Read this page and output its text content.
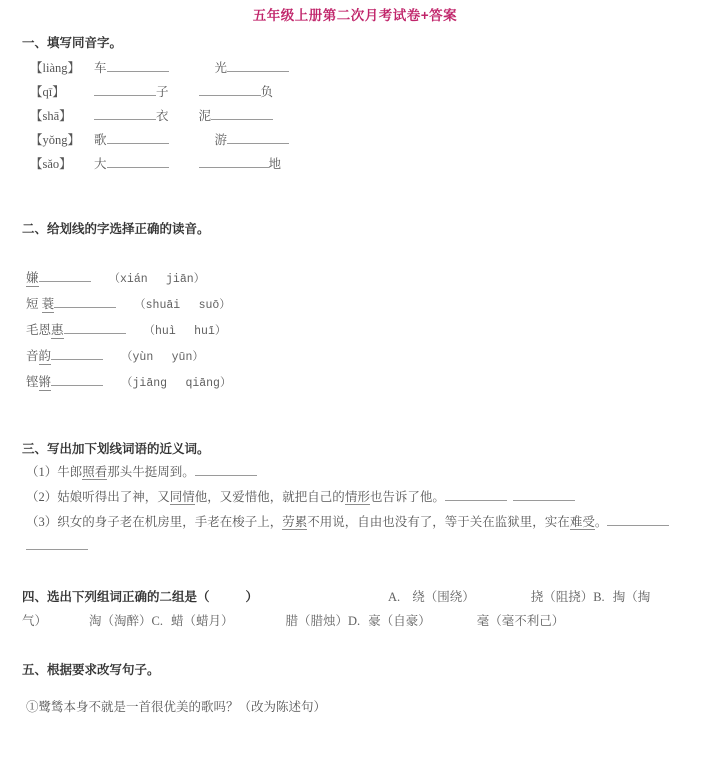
五年级上册第二次月考试卷+答案
一、填写同音字。
【liàng】 车	光
【qī】	子	负
【shā】	衣 泥
【yǒng】 歌	游
【sǎo】 大	地
二、给划线的字选择正确的读音。
嫌	（xián　 jiān）
短 蓑	（shuāi　 suō）
毛恩惠	（huì　 huī）
音韵	（yùn　 yūn）
铿锵	（jiāng　 qiāng）
三、写出加下划线词语的近义词。
（1）牛郎照看那头牛挺周到。
（2）姑娘听得出了神，又同情他，又爱惜他，就把自己的情形也告诉了他。
（3）织女的身子老在机房里，手老在梭子上，劳累不用说，自由也没有了，等于关在监狱里，实在难受。
四、选出下列组词正确的二组是（	）	A. 绕（围绕）	挠（阻挠）B. 掏（掏
气）	淘（淘醉）C. 蜡（蜡月）	腊（腊烛）D. 豪（自豪）	毫（毫不利己）
五、根据要求改写句子。
①鹭鸶本身不就是一首很优美的歌吗？（改为陈述句）
